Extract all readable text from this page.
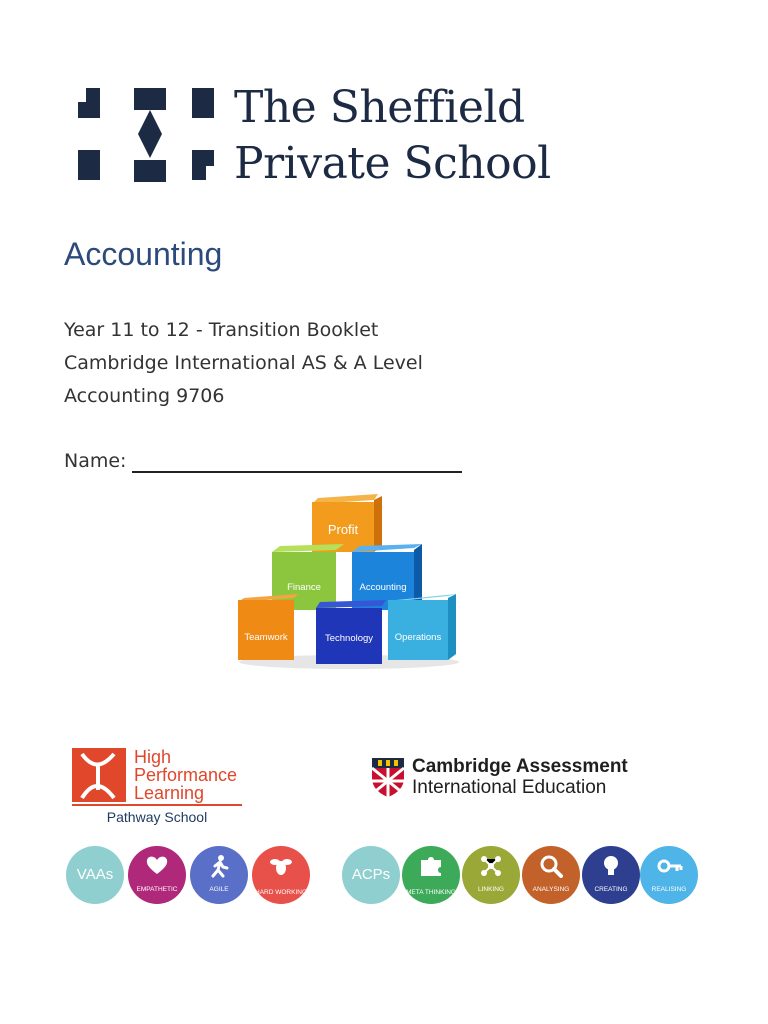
The Sheffield
Private School
Accounting
Year 11 to 12 - Transition Booklet
Cambridge International AS & A Level
Accounting 9706
Name:
Profit
Finance	Accounting
Teamwork	Technology Operations
High
Performance
Learning
Pathway School
Cambridge Assessment
International Education
VAAs
EMPATHETIC	AGILE	HARD WORKING
ACPs
META THINKING	LINKING	ANALYSING	CREATING	REALISING
